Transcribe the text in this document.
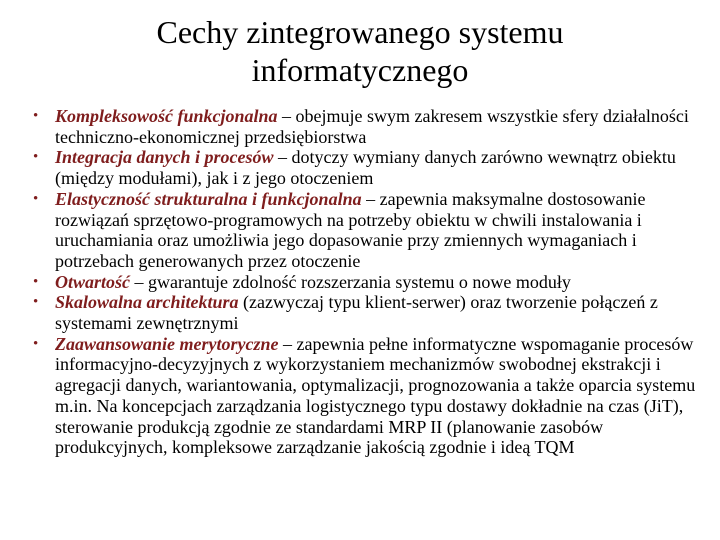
Cechy zintegrowanego systemu informatycznego
• Kompleksowość funkcjonalna – obejmuje swym zakresem wszystkie sfery działalności techniczno-ekonomicznej przedsiębiorstwa
• Integracja danych i procesów – dotyczy wymiany danych zarówno wewnątrz obiektu (między modułami), jak i z jego otoczeniem
• Elastyczność strukturalna i funkcjonalna – zapewnia maksymalne dostosowanie rozwiązań sprzętowo-programowych na potrzeby obiektu w chwili instalowania i uruchamiania oraz umożliwia jego dopasowanie przy zmiennych wymaganiach i potrzebach generowanych przez otoczenie
• Otwartość – gwarantuje zdolność rozszerzania systemu o nowe moduły
• Skalowalna architektura (zazwyczaj typu klient-serwer) oraz tworzenie połączeń z systemami zewnętrznymi
• Zaawansowanie merytoryczne – zapewnia pełne informatyczne wspomaganie procesów informacyjno-decyzyjnych z wykorzystaniem mechanizmów swobodnej ekstrakcji i agregacji danych, wariantowania, optymalizacji, prognozowania a także oparcia systemu m.in. Na koncepcjach zarządzania logistycznego typu dostawy dokładnie na czas (JiT), sterowanie produkcją zgodnie ze standardami MRP II (planowanie zasobów produkcyjnych, kompleksowe zarządzanie jakością zgodnie i ideą TQM
